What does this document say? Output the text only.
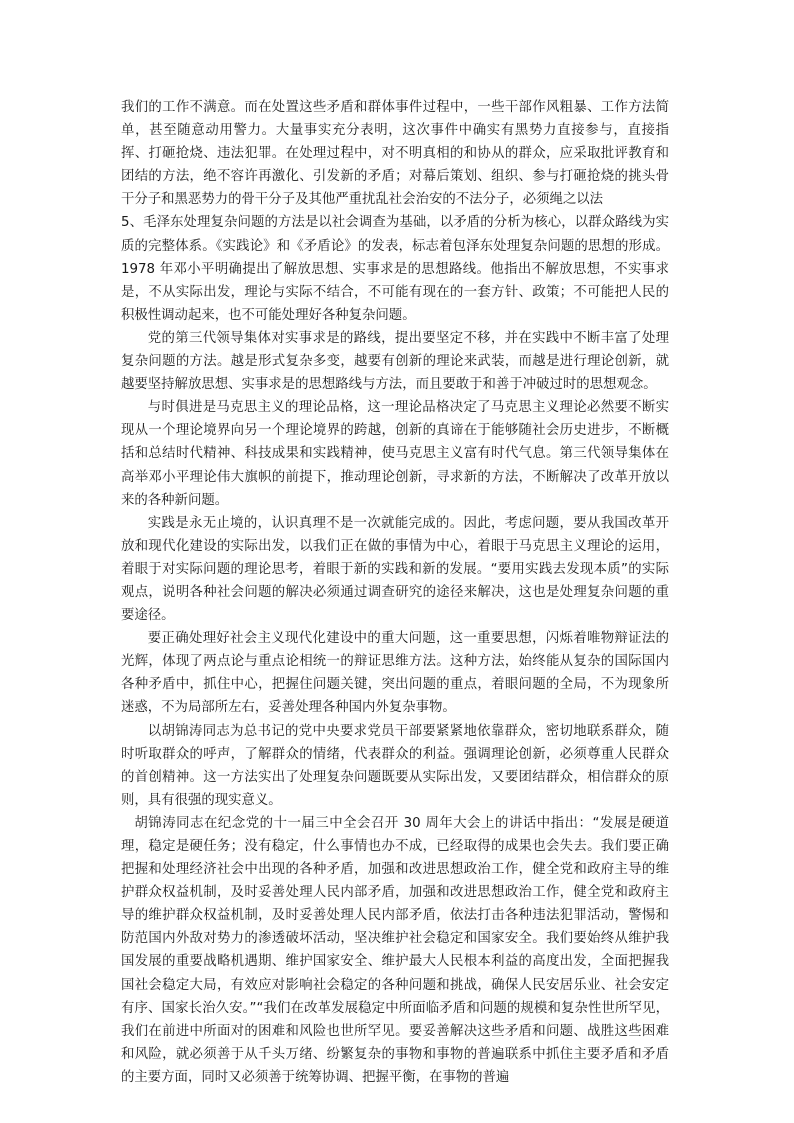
我们的工作不满意。而在处置这些矛盾和群体事件过程中，一些干部作风粗暴、工作方法简单，甚至随意动用警力。大量事实充分表明，这次事件中确实有黑势力直接参与，直接指挥、打砸抢烧、违法犯罪。在处理过程中，对不明真相的和协从的群众，应采取批评教育和团结的方法，绝不容许再激化、引发新的矛盾；对幕后策划、组织、参与打砸抢烧的挑头骨干分子和黑恶势力的骨干分子及其他严重扰乱社会治安的不法分子，必须绳之以法

5、毛泽东处理复杂问题的方法是以社会调查为基础，以矛盾的分析为核心，以群众路线为实质的完整体系。《实践论》和《矛盾论》的发表，标志着包泽东处理复杂问题的思想的形成。1978 年邓小平明确提出了解放思想、实事求是的思想路线。他指出不解放思想，不实事求是，不从实际出发，理论与实际不结合，不可能有现在的一套方针、政策；不可能把人民的积极性调动起来，也不可能处理好各种复杂问题。

党的第三代领导集体对实事求是的路线，提出要坚定不移，并在实践中不断丰富了处理复杂问题的方法。越是形式复杂多变，越要有创新的理论来武装，而越是进行理论创新，就越要坚持解放思想、实事求是的思想路线与方法，而且要敢于和善于冲破过时的思想观念。

与时俱进是马克思主义的理论品格，这一理论品格决定了马克思主义理论必然要不断实现从一个理论境界向另一个理论境界的跨越，创新的真谛在于能够随社会历史进步，不断概括和总结时代精神、科技成果和实践精神，使马克思主义富有时代气息。第三代领导集体在高举邓小平理论伟大旗帜的前提下，推动理论创新，寻求新的方法，不断解决了改革开放以来的各种新问题。

实践是永无止境的，认识真理不是一次就能完成的。因此，考虑问题，要从我国改革开放和现代化建设的实际出发，以我们正在做的事情为中心，着眼于马克思主义理论的运用，着眼于对实际问题的理论思考，着眼于新的实践和新的发展。“要用实践去发现本质”的实际观点，说明各种社会问题的解决必须通过调查研究的途径来解决，这也是处理复杂问题的重要途径。

要正确处理好社会主义现代化建设中的重大问题，这一重要思想，闪烁着唯物辩证法的光辉，体现了两点论与重点论相统一的辩证思维方法。这种方法，始终能从复杂的国际国内各种矛盾中，抓住中心，把握住问题关键，突出问题的重点，着眼问题的全局，不为现象所迷惑，不为局部所左右，妥善处理各种国内外复杂事物。

以胡锦涛同志为总书记的党中央要求党员干部要紧紧地依靠群众，密切地联系群众，随时听取群众的呼声，了解群众的情绪，代表群众的利益。强调理论创新，必须尊重人民群众的首创精神。这一方法实出了处理复杂问题既要从实际出发，又要团结群众，相信群众的原则，具有很强的现实意义。

胡锦涛同志在纪念党的十一届三中全会召开 30 周年大会上的讲话中指出：“发展是硬道理，稳定是硬任务；没有稳定，什么事情也办不成，已经取得的成果也会失去。我们要正确把握和处理经济社会中出现的各种矛盾，加强和改进思想政治工作，健全党和政府主导的维护群众权益机制，及时妥善处理人民内部矛盾，加强和改进思想政治工作，健全党和政府主导的维护群众权益机制，及时妥善处理人民内部矛盾，依法打击各种违法犯罪活动，警惕和防范国内外敌对势力的渗透破坏活动，坚决维护社会稳定和国家安全。我们要始终从维护我国发展的重要战略机遇期、维护国家安全、维护最大人民根本利益的高度出发，全面把握我国社会稳定大局，有效应对影响社会稳定的各种问题和挑战，确保人民安居乐业、社会安定有序、国家长治久安。”“我们在改革发展稳定中所面临矛盾和问题的规模和复杂性世所罕见，我们在前进中所面对的困难和风险也世所罕见。要妥善解决这些矛盾和问题、战胜这些困难和风险，就必须善于从千头万绪、纷繁复杂的事物和事物的普遍联系中抓住主要矛盾和矛盾的主要方面，同时又必须善于统筹协调、把握平衡，在事物的普遍
